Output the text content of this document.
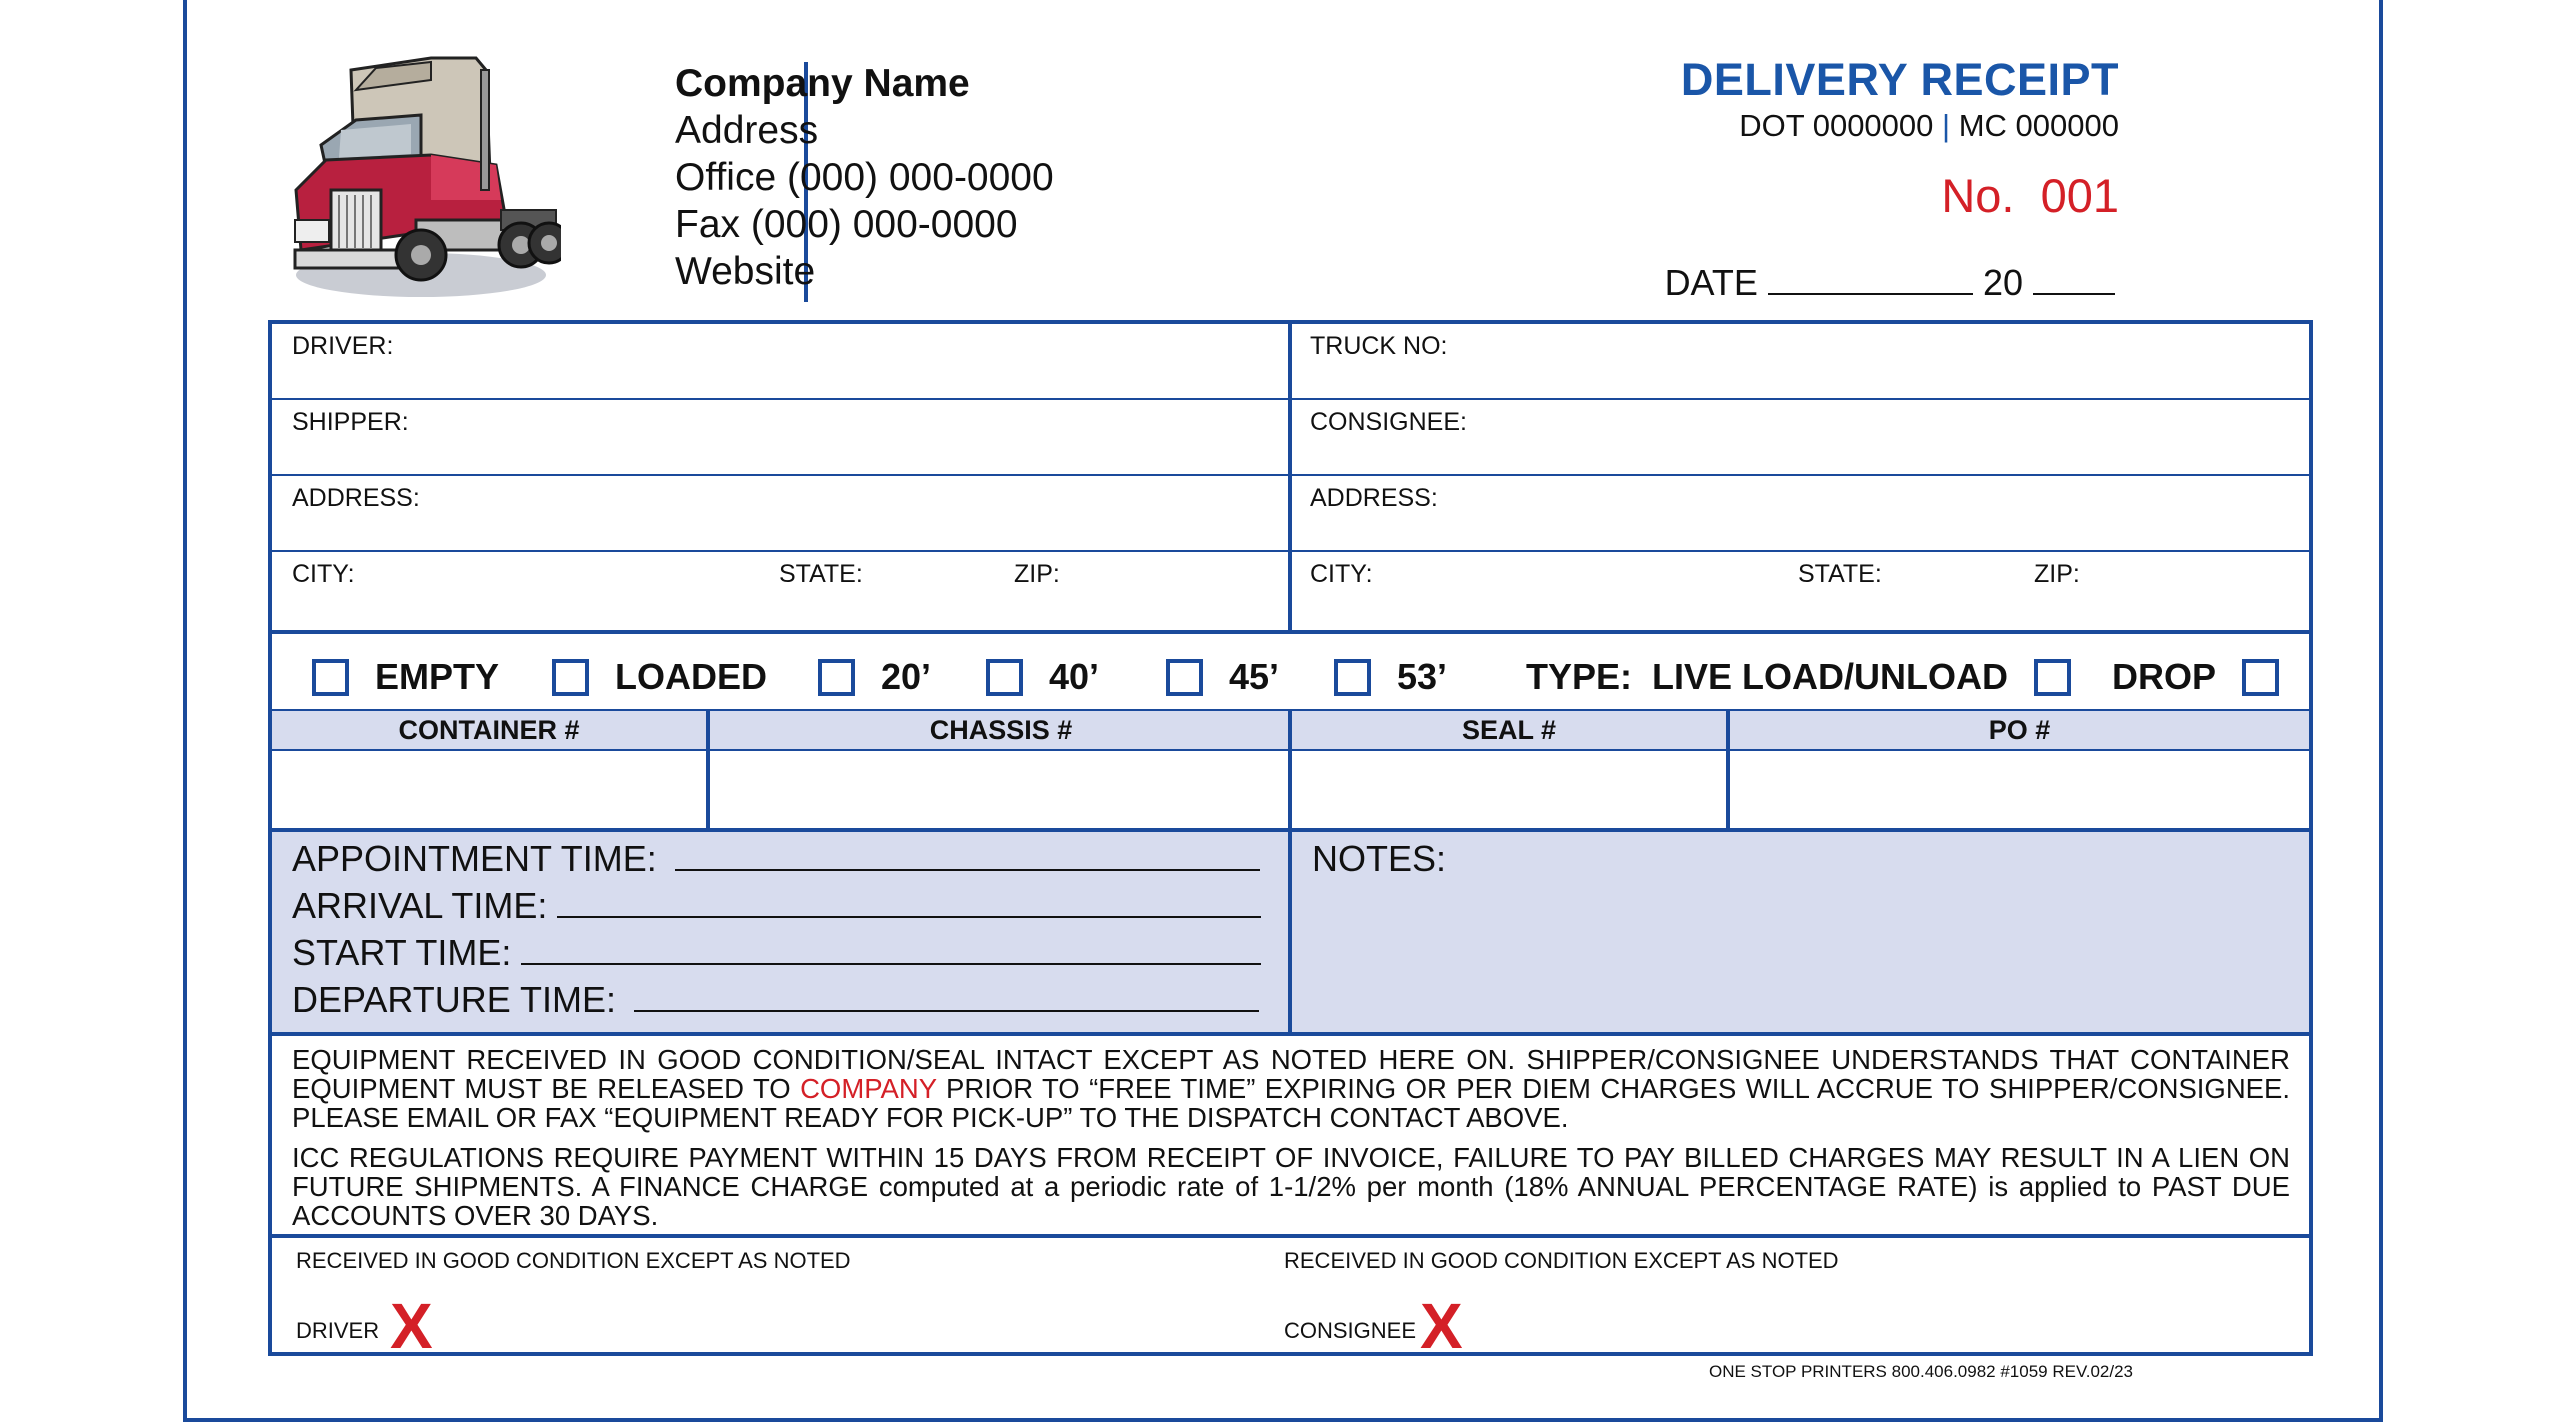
Company Name
Address
Office (000) 000-0000
Fax (000) 000-0000
Website
DELIVERY RECEIPT
DOT 0000000 | MC 000000
No. 001
DATE	20
DRIVER:	TRUCK NO:
SHIPPER:	CONSIGNEE:
ADDRESS:	ADDRESS:
CITY:	STATE:	ZIP:	CITY:	STATE:	ZIP:
EMPTY	LOADED	20’	40’	45’	53’ TYPE: LIVE LOAD/UNLOAD	DROP
CONTAINER #	CHASSIS #	SEAL #	PO #
APPOINTMENT TIME:
ARRIVAL TIME:
START TIME:
DEPARTURE TIME:
NOTES:
EQUIPMENT RECEIVED IN GOOD CONDITION/SEAL INTACT EXCEPT AS NOTED HERE ON. SHIPPER/CONSIGNEE UNDERSTANDS THAT CONTAINER EQUIPMENT MUST BE RELEASED TO COMPANY PRIOR TO “FREE TIME” EXPIRING OR PER DIEM CHARGES WILL ACCRUE TO SHIPPER/CONSIGNEE. PLEASE EMAIL OR FAX “EQUIPMENT READY FOR PICK-UP” TO THE DISPATCH CONTACT ABOVE.
ICC REGULATIONS REQUIRE PAYMENT WITHIN 15 DAYS FROM RECEIPT OF INVOICE, FAILURE TO PAY BILLED CHARGES MAY RESULT IN A LIEN ON FUTURE SHIPMENTS. A FINANCE CHARGE computed at a periodic rate of 1-1/2% per month (18% ANNUAL PERCENTAGE RATE) is applied to PAST DUE ACCOUNTS OVER 30 DAYS.
RECEIVED IN GOOD CONDITION EXCEPT AS NOTED	RECEIVED IN GOOD CONDITION EXCEPT AS NOTED
DRIVER X	CONSIGNEE X
ONE STOP PRINTERS 800.406.0982 #1059 REV.02/23
